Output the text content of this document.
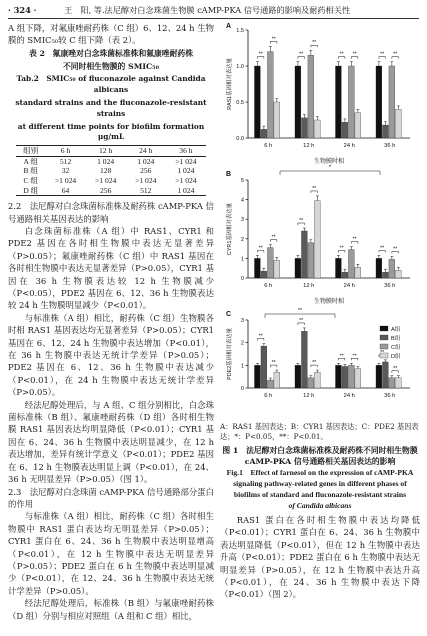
· 324 ·	王　阳, 等.法尼醇对白念珠菌生物膜 cAMP-PKA 信号通路的影响及耐药相关性

A 组下降，对氟康唑耐药株（C 组）6、12、24 h 生物膜的 SMIC₅₀较 C 组下降（表 2）。

表 2　氟康唑对白念珠菌标准株和氟康唑耐药株

不同时相生物膜的 SMIC₅₀

Tab.2　SMIC₅₀ of fluconazole against Candida albicans

standard strains and the fluconazole-resistant strains

at different time points for biofilm formation　μg/mL

组别	6 h	12 h	24 h	36 h
A 组	512	1 024	1 024	>1 024
B 组	32	128	256	1 024
C 组	>1 024	>1 024	>1 024	>1 024
D 组	64	256	512	1 024

2.2　法尼醇对白念珠菌标准株及耐药株 cAMP-PKA 信号通路相关基因表达的影响

白念珠菌标准株（A 组）中 RAS1、CYR1 和 PDE2 基因在各时相生物膜中表达无显著差异（P>0.05）；氟康唑耐药株（C 组）中 RAS1 基因在各时相生物膜中表达无显著差异（P>0.05），CYR1 基因在 36 h 生物膜表达较 12 h 生物膜减少（P<0.05），PDE2 基因在 6、12、36 h 生物膜表达较 24 h 生物膜明显减少（P<0.01）。

与标准株（A 组）相比，耐药株（C 组）生物膜各时相 RAS1 基因表达均无显著差异（P>0.05）；CYR1 基因在 6、12、24 h 生物膜中表达增加（P<0.01），在 36 h 生物膜中表达无统计学差异（P>0.05）；PDE2 基因在 6、12、36 h 生物膜中表达减少（P<0.01），在 24 h 生物膜中表达无统计学差异（P>0.05）。

经法尼醇处理后，与 A 组、C 组分别相比，白念珠菌标准株（B 组）、氟康唑耐药株（D 组）各时相生物膜 RAS1 基因表达均明显降低（P<0.01）；CYR1 基因在 6、24、36 h 生物膜中表达明显减少，在 12 h 表达增加，差异有统计学意义（P<0.01）；PDE2 基因在 6、12 h 生物膜表达明显上调（P<0.01），在 24、36 h 无明显差异（P>0.05）（图 1）。

2.3　法尼醇对白念珠菌 cAMP-PKA 信号通路部分蛋白的作用

与标准株（A 组）相比，耐药株（C 组）各时相生物膜中 RAS1 蛋白表达均无明显差异（P>0.05）；CYR1 蛋白在 6、24、36 h 生物膜中表达明显增高（P<0.01），在 12 h 生物膜中表达无明显差异（P>0.05）；PDE2 蛋白在 6 h 生物膜中表达明显减少（P<0.01），在 12、24、36 h 生物膜中表达无统计学差异（P>0.05）。

经法尼醇处理后，标准株（B 组）与氟康唑耐药株（D 组）分别与相应对照组（A 组和 C 组）相比，

A
0.0
0.5
1.0
1.5
RAS1基因相对表达量
6 h
**
**
12 h
**
**
24 h
** **
36 h
** **
生物膜时相
B
0
1
2
3
4
5
CYR1基因相对表达量
6 h
**
**
12 h
**
**
24 h
**
**
36 h
** **
生物膜时相
C
0
1
2
3
PDE2基因相对表达量
6 h
**
**
12 h
**
**
24 h
** **
36 h
**
A组
B组
C组
D组
*
**

A：RAS1 基因表达；B：CYR1 基因表达；C：PDE2 基因表达；*：P<0.05，**：P<0.01。

图 1　法尼醇对白念珠菌标准株及耐药株不同时相生物膜

cAMP-PKA 信号通路相关基因表达的影响

Fig.1　Effect of farnesol on the expression of cAMP-PKA

signaling pathway-related genes in different phases of

biofilms of standard and fluconazole-resistant strains

of Candida albicans

RAS1 蛋白在各时相生物膜中表达均降低（P<0.01）；CYR1 蛋白在 6、24、36 h 生物膜中表达明显降低（P<0.01），但在 12 h 生物膜中表达升高（P<0.01）；PDE2 蛋白在 6 h 生物膜中表达无明显差异（P>0.05），在 12 h 生物膜中表达升高（P<0.01），在 24、36 h 生物膜中表达下降（P<0.01）（图 2）。
